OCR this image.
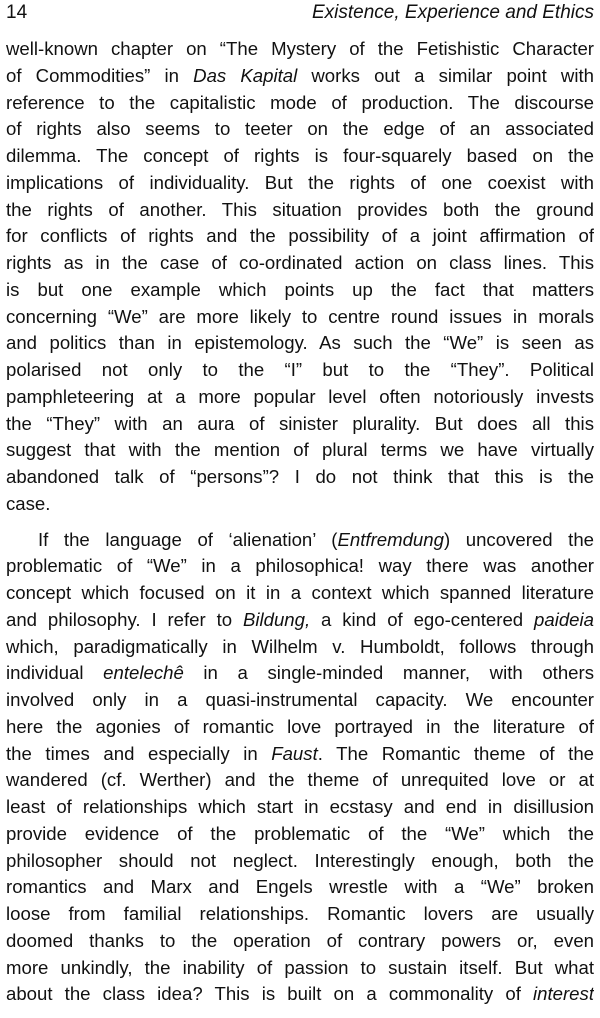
14	Existence, Experience and Ethics
well-known chapter on “The Mystery of the Fetishistic Character
of Commodities” in Das Kapital works out a similar point with
reference to the capitalistic mode of production. The discourse
of rights also seems to teeter on the edge of an associated
dilemma. The concept of rights is four-squarely based on the
implications of individuality. But the rights of one coexist with
the rights of another. This situation provides both the ground
for conflicts of rights and the possibility of a joint affirmation of
rights as in the case of co-ordinated action on class lines. This
is but one example which points up the fact that matters
concerning “We” are more likely to centre round issues in morals
and politics than in epistemology. As such the “We” is seen as
polarised not only to the “I” but to the “They”. Political
pamphleteering at a more popular level often notoriously invests
the “They” with an aura of sinister plurality. But does all this
suggest that with the mention of plural terms we have virtually
abandoned talk of “persons”? I do not think that this is the
case.
If the language of ‘alienation’ (Entfremdung) uncovered the
problematic of “We” in a philosophica! way there was another
concept which focused on it in a context which spanned literature
and philosophy. I refer to Bildung, a kind of ego-centered paideia
which, paradigmatically in Wilhelm v. Humboldt, follows through
individual entelechê in a single-minded manner, with others
involved only in a quasi-instrumental capacity. We encounter
here the agonies of romantic love portrayed in the literature of
the times and especially in Faust. The Romantic theme of the
wandered (cf. Werther) and the theme of unrequited love or at
least of relationships which start in ecstasy and end in disillusion
provide evidence of the problematic of the “We” which the
philosopher should not neglect. Interestingly enough, both the
romantics and Marx and Engels wrestle with a “We” broken
loose from familial relationships. Romantic lovers are usually
doomed thanks to the operation of contrary powers or, even
more unkindly, the inability of passion to sustain itself. But what
about the class idea? This is built on a commonality of interest
